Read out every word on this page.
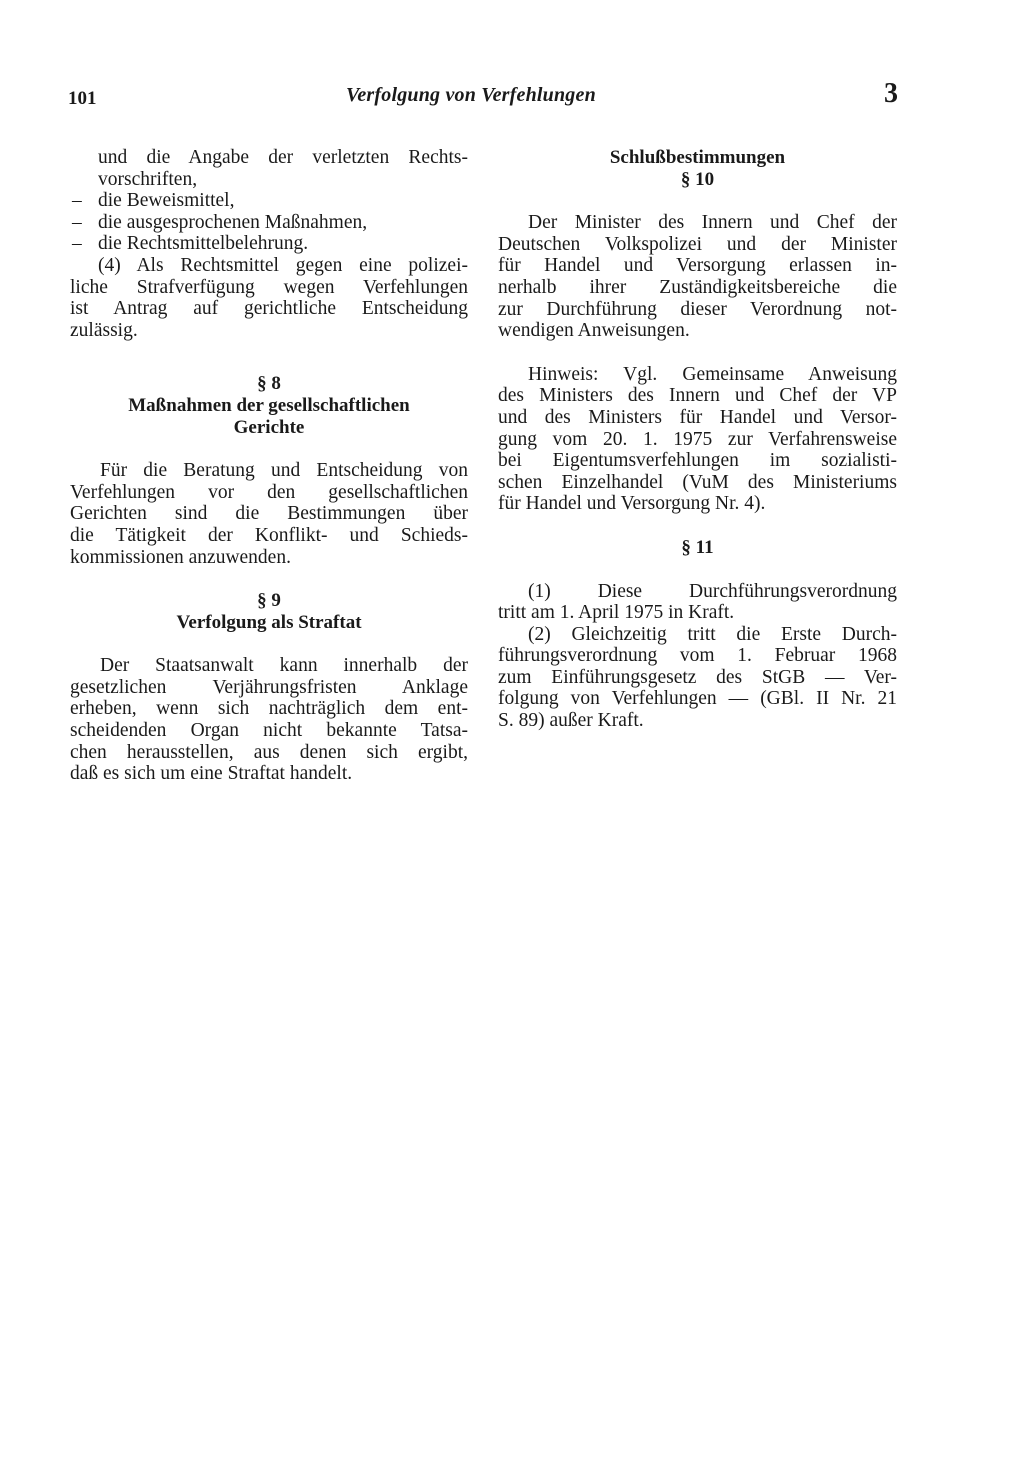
101	Verfolgung von Verfehlungen	3
und die Angabe der verletzten Rechts-
vorschriften,
– die Beweismittel,
– die ausgesprochenen Maßnahmen,
– die Rechtsmittelbelehrung.
(4) Als Rechtsmittel gegen eine polizei-
liche Strafverfügung wegen Verfehlungen
ist Antrag auf gerichtliche Entscheidung
zulässig.
§ 8
Maßnahmen der gesellschaftlichen
Gerichte
Für die Beratung und Entscheidung von
Verfehlungen vor den gesellschaftlichen
Gerichten sind die Bestimmungen über
die Tätigkeit der Konflikt- und Schieds-
kommissionen anzuwenden.
§ 9
Verfolgung als Straftat
Der Staatsanwalt kann innerhalb der
gesetzlichen Verjährungsfristen Anklage
erheben, wenn sich nachträglich dem ent-
scheidenden Organ nicht bekannte Tatsa-
chen herausstellen, aus denen sich ergibt,
daß es sich um eine Straftat handelt.
Schlußbestimmungen
§ 10
Der Minister des Innern und Chef der
Deutschen Volkspolizei und der Minister
für Handel und Versorgung erlassen in-
nerhalb ihrer Zuständigkeitsbereiche die
zur Durchführung dieser Verordnung not-
wendigen Anweisungen.
Hinweis: Vgl. Gemeinsame Anweisung
des Ministers des Innern und Chef der VP
und des Ministers für Handel und Versor-
gung vom 20. 1. 1975 zur Verfahrensweise
bei Eigentumsverfehlungen im sozialisti-
schen Einzelhandel (VuM des Ministeriums
für Handel und Versorgung Nr. 4).
§ 11
(1) Diese Durchführungsverordnung
tritt am 1. April 1975 in Kraft.
(2) Gleichzeitig tritt die Erste Durch-
führungsverordnung vom 1. Februar 1968
zum Einführungsgesetz des StGB — Ver-
folgung von Verfehlungen — (GBl. II Nr. 21
S. 89) außer Kraft.
